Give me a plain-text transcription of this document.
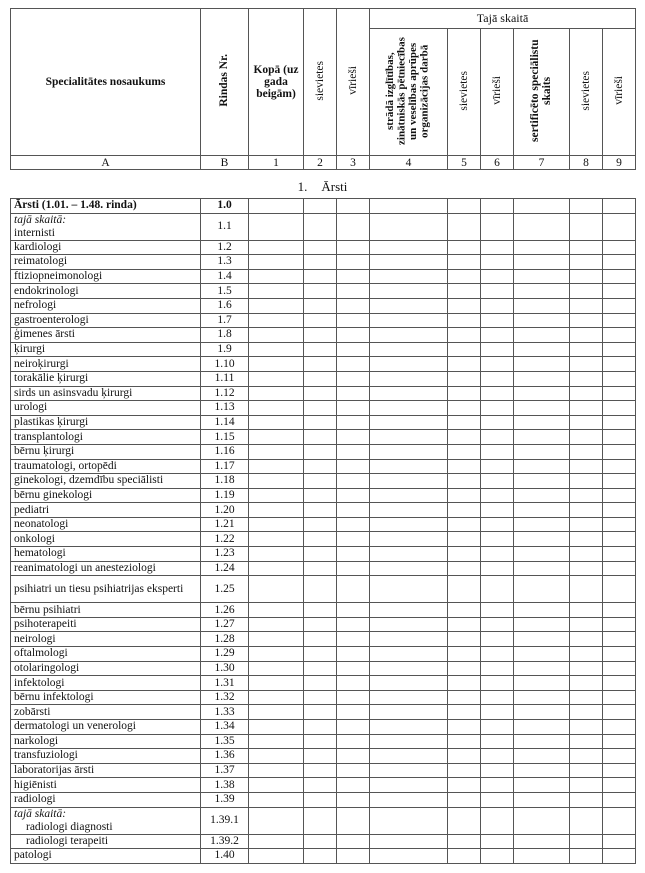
Specialitātes nosaukums	Rindas Nr.	Kopā (uz gada beigām)	sievietes	vīrieši	Tajā skaitā					
					strādā izglītības, zinātniskās pētniecības un veselības aprūpes organizācijas darbā	sievietes	vīrieši	sertificēto speciālistu skaits	sievietes	vīrieši
A	B	1	2	3	4	5	6	7	8	9
1. Ārsti
Ārsti (1.01. – 1.48. rinda)	1.0									

tajā skaitā:
internisti	1.1									
kardiologi	1.2									
reimatologi	1.3									
ftiziopneimonologi	1.4									
endokrinologi	1.5									
nefrologi	1.6									
gastroenterologi	1.7									
ģimenes ārsti	1.8									
ķirurgi	1.9									
neiroķirurgi	1.10									
torakālie ķirurgi	1.11									
sirds un asinsvadu ķirurgi	1.12									
urologi	1.13									
plastikas ķirurgi	1.14									
transplantologi	1.15									
bērnu ķirurgi	1.16									
traumatologi, ortopēdi	1.17									
ginekologi, dzemdību speciālisti	1.18									
bērnu ginekologi	1.19									
pediatri	1.20									
neonatologi	1.21									
onkologi	1.22									
hematologi	1.23									
reanimatologi un anesteziologi	1.24									
psihiatri un tiesu psihiatrijas eksperti	1.25									
bērnu psihiatri	1.26									
psihoterapeiti	1.27									
neirologi	1.28									
oftalmologi	1.29									
otolaringologi	1.30									
infektologi	1.31									
bērnu infektologi	1.32									
zobārsti	1.33									
dermatologi un venerologi	1.34									
narkologi	1.35									
transfuziologi	1.36									
laboratorijas ārsti	1.37									
higiēnisti	1.38									
radiologi	1.39									

tajā skaitā:
radiologi diagnosti	1.39.1									
radiologi terapeiti	1.39.2									
patologi	1.40									
